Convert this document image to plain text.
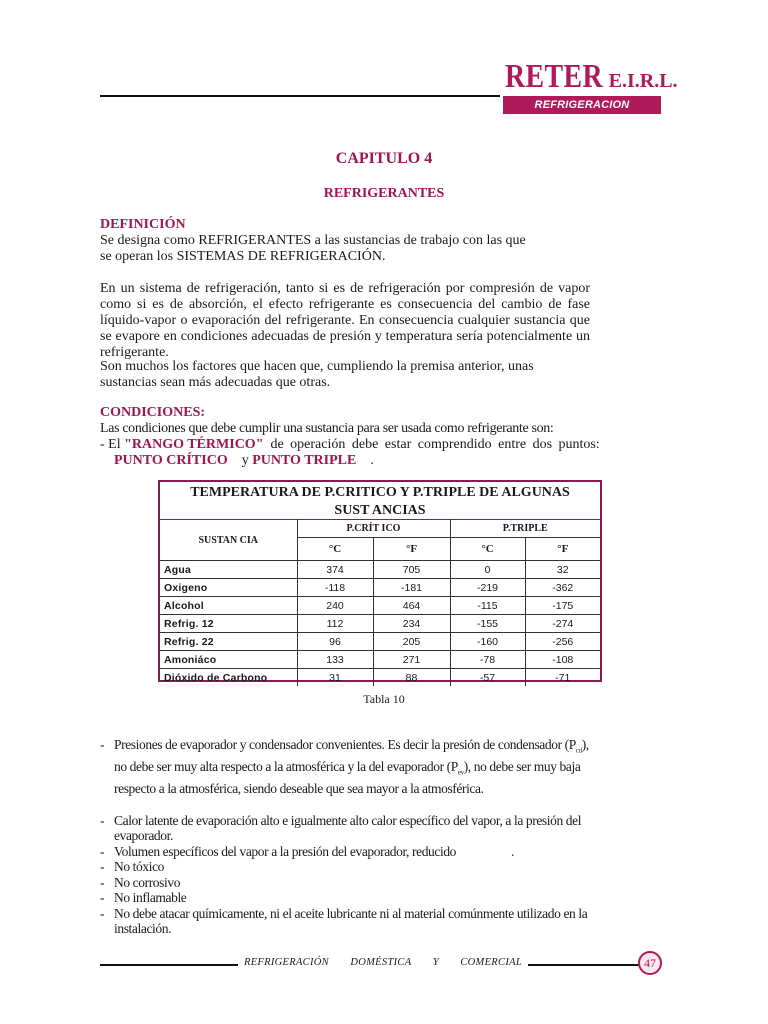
RETER E.I.R.L.
REFRIGERACION TERMODINAMICA
CAPITULO 4
REFRIGERANTES
DEFINICIÓN
Se designa como REFRIGERANTES a las sustancias de trabajo con las que se operan los SISTEMAS DE REFRIGERACIÓN.
En un sistema de refrigeración, tanto si es de refrigeración por compresión de vapor como si es de absorción, el efecto refrigerante es consecuencia del cambio de fase líquido-vapor o evaporación del refrigerante. En consecuencia cualquier sustancia que se evapore en condiciones adecuadas de presión y temperatura sería potencialmente un refrigerante.
Son muchos los factores que hacen que, cumpliendo la premisa anterior, unas sustancias sean más adecuadas que otras.
CONDICIONES:
Las condiciones que debe cumplir una sustancia para ser usada como refrigerante son:
- El "RANGO TÉRMICO" de operación debe estar comprendido entre dos puntos:
PUNTO CRÍTICO y PUNTO TRIPLE .
TEMPERATURA DE P.CRITICO Y P.TRIPLE DE ALGUNAS
SUST ANCIAS
SUSTAN CIA	P.CRÍT ICO		P.TRIPLE	
	°C	°F	°C	°F
Agua	374	705	0	32
Oxigeno	-118	-181	-219	-362
Alcohol	240	464	-115	-175
Refrig. 12	112	234	-155	-274
Refrig. 22	96	205	-160	-256
Amoniáco	133	271	-78	-108
Dióxido de Carbono	31	88	-57	-71
Tabla 10
- Presiones de evaporador y condensador convenientes. Es decir la presión de condensador $(P_{cd})$, no debe ser muy alta respecto a la atmosférica y la del evaporador $(P_{ev})$, no debe ser muy baja respecto a la atmosférica, siendo deseable que sea mayor a la atmosférica.
- Calor latente de evaporación alto e igualmente alto calor específico del vapor, a la presión del evaporador.
- Volumen específicos del vapor a la presión del evaporador, reducido	.
- No tóxico
- No corrosivo
- No inflamable
- No debe atacar químicamente, ni el aceite lubricante ni al material comúnmente utilizado en la instalación.
REFRIGERACIÓN DOMÉSTICA Y COMERCIAL	47
